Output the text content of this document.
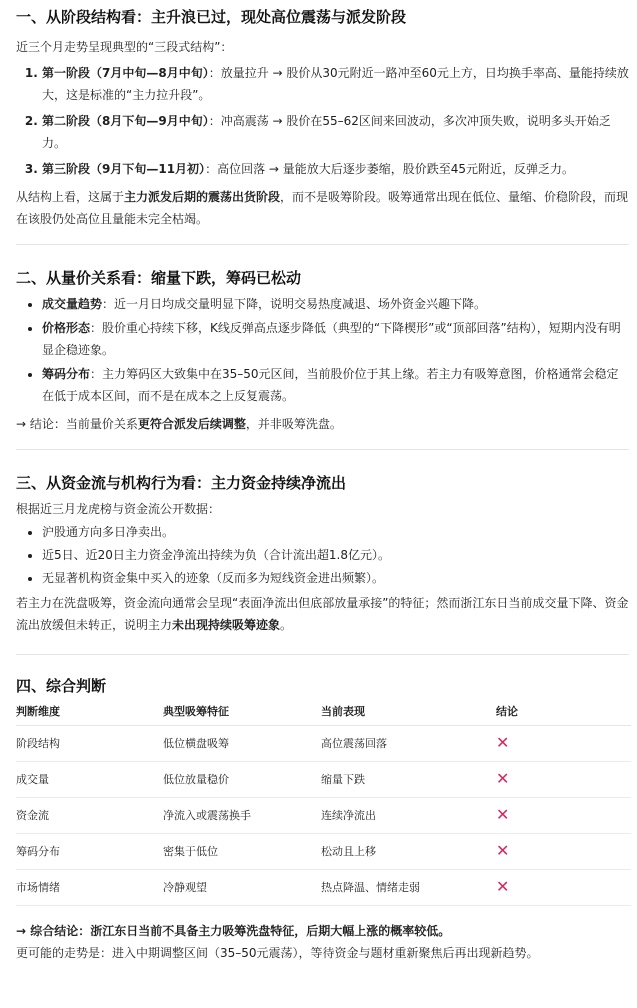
一、从阶段结构看：主升浪已过，现处高位震荡与派发阶段

近三个月走势呈现典型的“三段式结构”：

1. 第一阶段（7月中旬—8月中旬）：放量拉升 → 股价从30元附近一路冲至60元上方，日均换手率高、量能持续放大，这是标准的“主力拉升段”。
2. 第二阶段（8月下旬—9月中旬）：冲高震荡 → 股价在55–62区间来回波动，多次冲顶失败，说明多头开始乏力。
3. 第三阶段（9月下旬—11月初）：高位回落 → 量能放大后逐步萎缩，股价跌至45元附近，反弹乏力。

从结构上看，这属于主力派发后期的震荡出货阶段，而不是吸筹阶段。吸筹通常出现在低位、量缩、价稳阶段，而现在该股仍处高位且量能未完全枯竭。

二、从量价关系看：缩量下跌，筹码已松动
• 成交量趋势：近一月日均成交量明显下降，说明交易热度减退、场外资金兴趣下降。
• 价格形态：股价重心持续下移，K线反弹高点逐步降低（典型的“下降楔形”或“顶部回落”结构），短期内没有明显企稳迹象。
• 筹码分布：主力筹码区大致集中在35–50元区间，当前股价位于其上缘。若主力有吸筹意图，价格通常会稳定在低于成本区间，而不是在成本之上反复震荡。

→ 结论：当前量价关系更符合派发后续调整，并非吸筹洗盘。

三、从资金流与机构行为看：主力资金持续净流出

根据近三月龙虎榜与资金流公开数据：

• 沪股通方向多日净卖出。
• 近5日、近20日主力资金净流出持续为负（合计流出超1.8亿元）。
• 无显著机构资金集中买入的迹象（反而多为短线资金进出频繁）。

若主力在洗盘吸筹，资金流向通常会呈现“表面净流出但底部放量承接”的特征；然而浙江东日当前成交量下降、资金流出放缓但未转正，说明主力未出现持续吸筹迹象。

四、综合判断
判断维度	典型吸筹特征	当前表现	结论
阶段结构	低位横盘吸筹	高位震荡回落	✕
成交量	低位放量稳价	缩量下跌	✕
资金流	净流入或震荡换手	连续净流出	✕
筹码分布	密集于低位	松动且上移	✕
市场情绪	冷静观望	热点降温、情绪走弱	✕

→ 综合结论：浙江东日当前不具备主力吸筹洗盘特征，后期大幅上涨的概率较低。

更可能的走势是：进入中期调整区间（35–50元震荡），等待资金与题材重新聚焦后再出现新趋势。
